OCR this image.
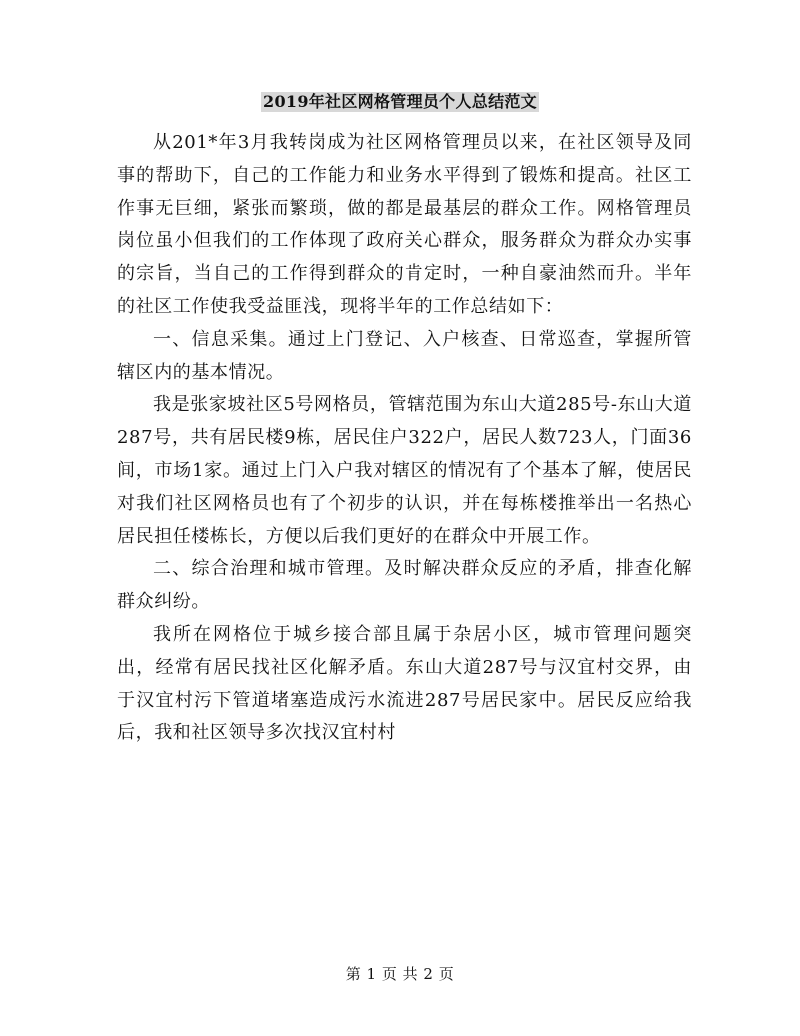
2019年社区网格管理员个人总结范文

从201*年3月我转岗成为社区网格管理员以来，在社区领导及同事的帮助下，自己的工作能力和业务水平得到了锻炼和提高。社区工作事无巨细，紧张而繁琐，做的都是最基层的群众工作。网格管理员岗位虽小但我们的工作体现了政府关心群众，服务群众为群众办实事的宗旨，当自己的工作得到群众的肯定时，一种自豪油然而升。半年的社区工作使我受益匪浅，现将半年的工作总结如下：

一、信息采集。通过上门登记、入户核查、日常巡查，掌握所管辖区内的基本情况。

我是张家坡社区5号网格员，管辖范围为东山大道285号-东山大道287号，共有居民楼9栋，居民住户322户，居民人数723人，门面36间，市场1家。通过上门入户我对辖区的情况有了个基本了解，使居民对我们社区网格员也有了个初步的认识，并在每栋楼推举出一名热心居民担任楼栋长，方便以后我们更好的在群众中开展工作。

二、综合治理和城市管理。及时解决群众反应的矛盾，排查化解群众纠纷。

我所在网格位于城乡接合部且属于杂居小区，城市管理问题突出，经常有居民找社区化解矛盾。东山大道287号与汉宜村交界，由于汉宜村污下管道堵塞造成污水流进287号居民家中。居民反应给我后，我和社区领导多次找汉宜村村

第 1 页 共 2 页
